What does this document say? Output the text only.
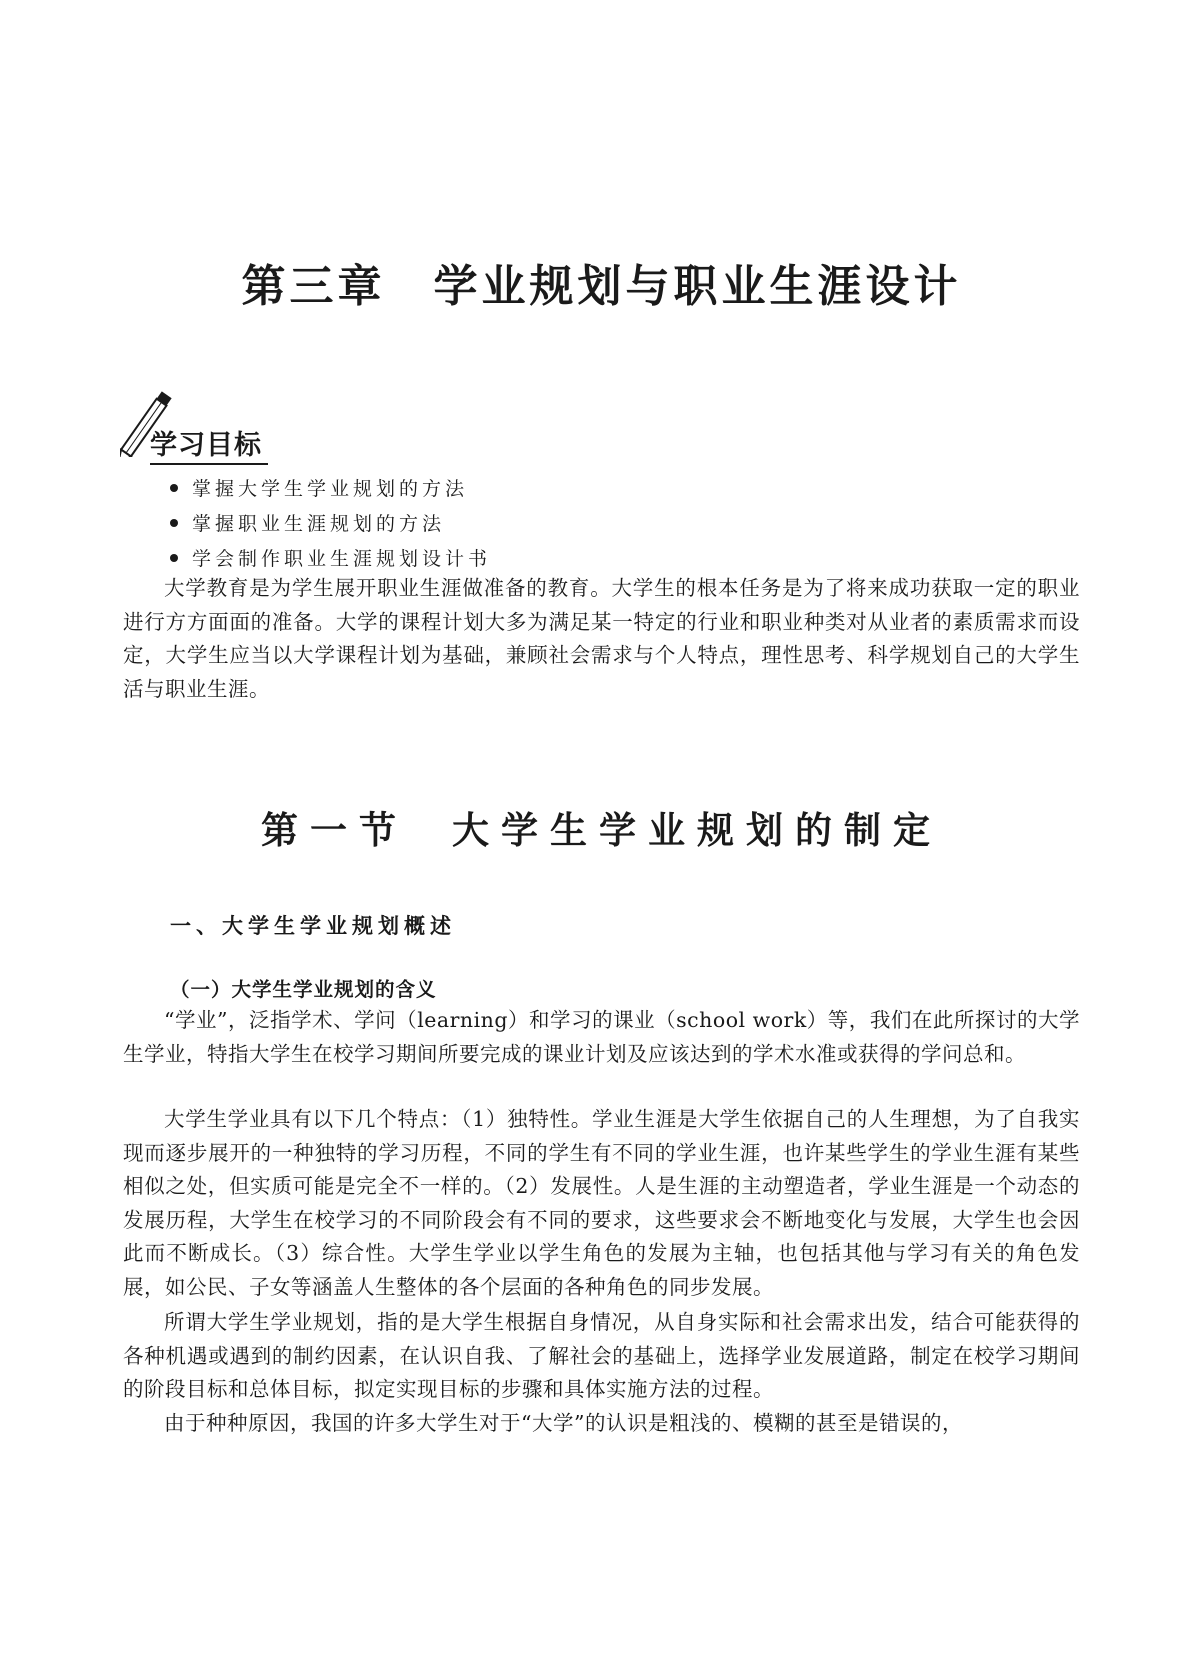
第三章 学业规划与职业生涯设计
学习目标
掌握大学生学业规划的方法
掌握职业生涯规划的方法
学会制作职业生涯规划设计书

大学教育是为学生展开职业生涯做准备的教育。大学生的根本任务是为了将来成功获取一定的职业进行方方面面的准备。大学的课程计划大多为满足某一特定的行业和职业种类对从业者的素质需求而设定，大学生应当以大学课程计划为基础，兼顾社会需求与个人特点，理性思考、科学规划自己的大学生活与职业生涯。

第一节 大学生学业规划的制定
一、大学生学业规划概述
（一）大学生学业规划的含义

“学业”，泛指学术、学问（learning）和学习的课业（school work）等，我们在此所探讨的大学生学业，特指大学生在校学习期间所要完成的课业计划及应该达到的学术水准或获得的学问总和。

大学生学业具有以下几个特点：（1）独特性。学业生涯是大学生依据自己的人生理想，为了自我实现而逐步展开的一种独特的学习历程，不同的学生有不同的学业生涯，也许某些学生的学业生涯有某些相似之处，但实质可能是完全不一样的。（2）发展性。人是生涯的主动塑造者，学业生涯是一个动态的发展历程，大学生在校学习的不同阶段会有不同的要求，这些要求会不断地变化与发展，大学生也会因此而不断成长。（3）综合性。大学生学业以学生角色的发展为主轴，也包括其他与学习有关的角色发展，如公民、子女等涵盖人生整体的各个层面的各种角色的同步发展。

所谓大学生学业规划，指的是大学生根据自身情况，从自身实际和社会需求出发，结合可能获得的各种机遇或遇到的制约因素，在认识自我、了解社会的基础上，选择学业发展道路，制定在校学习期间的阶段目标和总体目标，拟定实现目标的步骤和具体实施方法的过程。

由于种种原因，我国的许多大学生对于“大学”的认识是粗浅的、模糊的甚至是错误的，
